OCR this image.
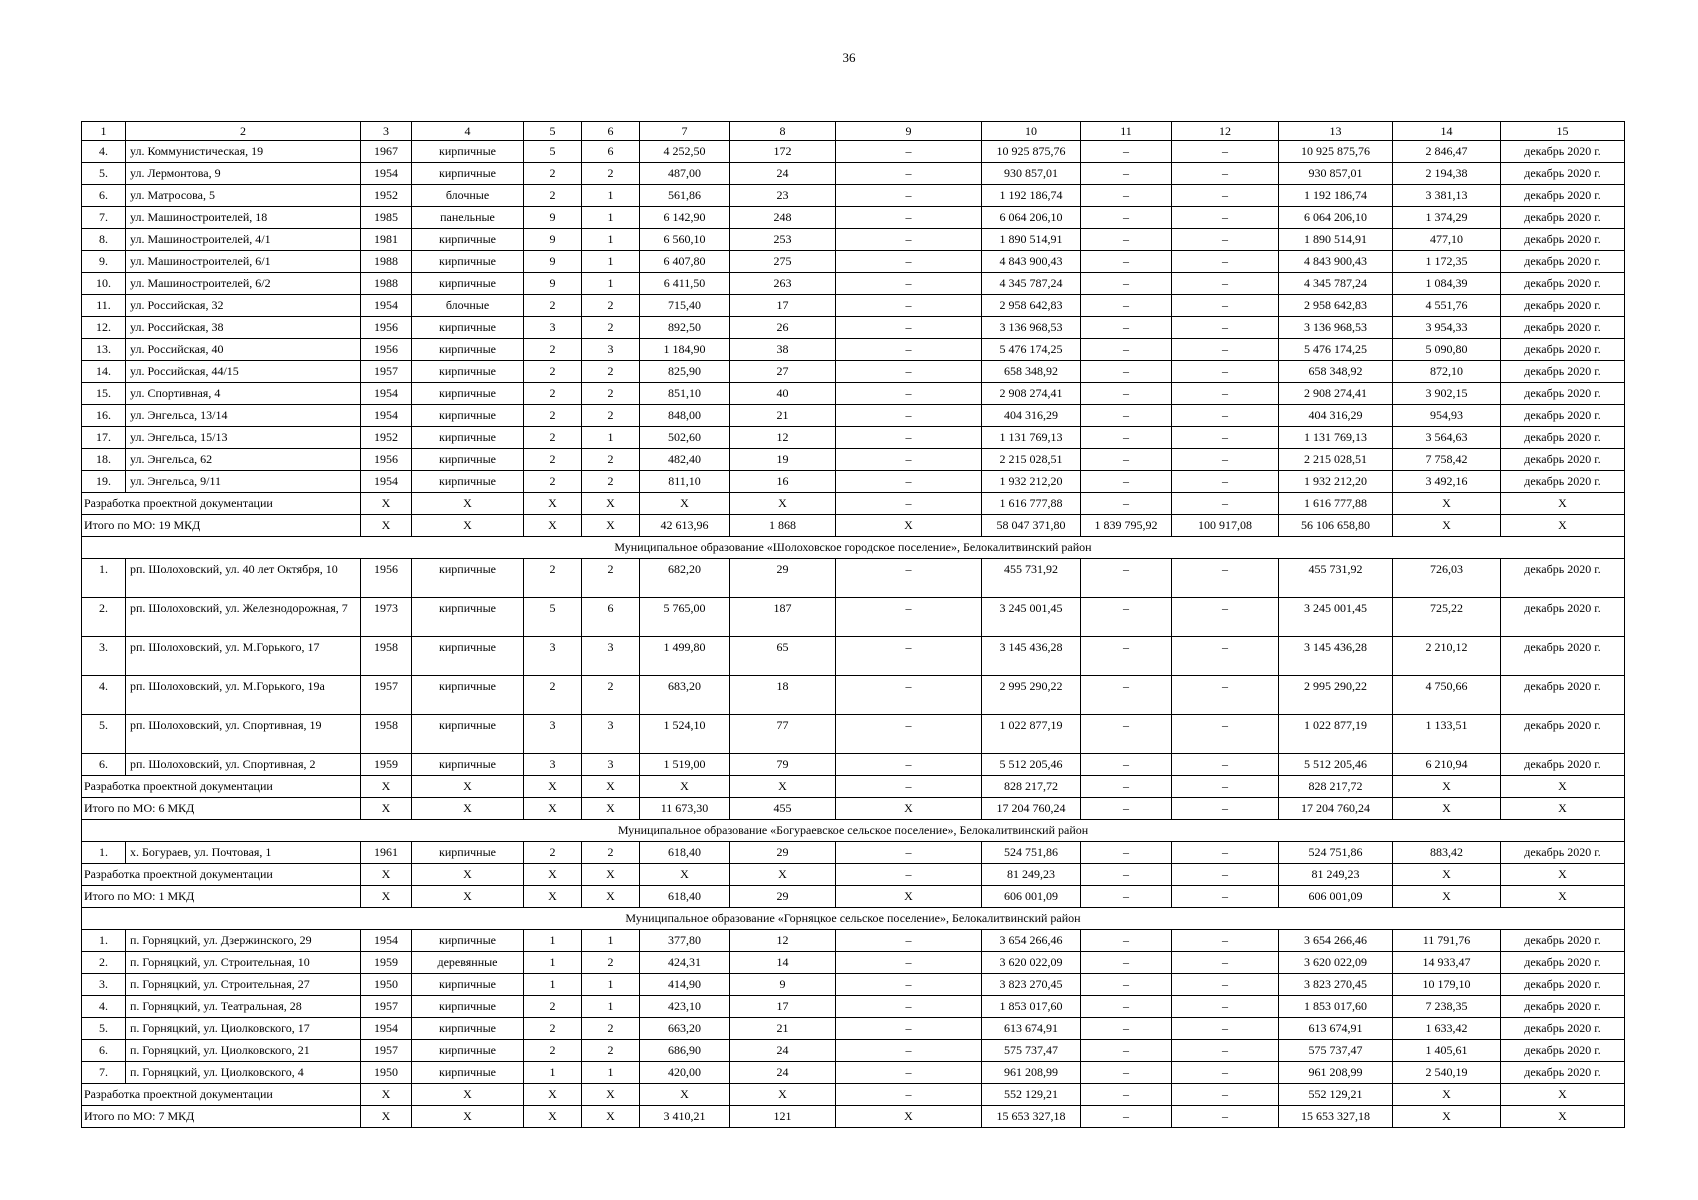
36
1	2	3	4	5	6	7	8	9	10	11	12	13	14	15
4.	ул. Коммунистическая, 19	1967	кирпичные	5	6	4 252,50	172	–	10 925 875,76	–	–	10 925 875,76	2 846,47	декабрь 2020 г.
5.	ул. Лермонтова, 9	1954	кирпичные	2	2	487,00	24	–	930 857,01	–	–	930 857,01	2 194,38	декабрь 2020 г.
6.	ул. Матросова, 5	1952	блочные	2	1	561,86	23	–	1 192 186,74	–	–	1 192 186,74	3 381,13	декабрь 2020 г.
7.	ул. Машиностроителей, 18	1985	панельные	9	1	6 142,90	248	–	6 064 206,10	–	–	6 064 206,10	1 374,29	декабрь 2020 г.
8.	ул. Машиностроителей, 4/1	1981	кирпичные	9	1	6 560,10	253	–	1 890 514,91	–	–	1 890 514,91	477,10	декабрь 2020 г.
9.	ул. Машиностроителей, 6/1	1988	кирпичные	9	1	6 407,80	275	–	4 843 900,43	–	–	4 843 900,43	1 172,35	декабрь 2020 г.
10.	ул. Машиностроителей, 6/2	1988	кирпичные	9	1	6 411,50	263	–	4 345 787,24	–	–	4 345 787,24	1 084,39	декабрь 2020 г.
11.	ул. Российская, 32	1954	блочные	2	2	715,40	17	–	2 958 642,83	–	–	2 958 642,83	4 551,76	декабрь 2020 г.
12.	ул. Российская, 38	1956	кирпичные	3	2	892,50	26	–	3 136 968,53	–	–	3 136 968,53	3 954,33	декабрь 2020 г.
13.	ул. Российская, 40	1956	кирпичные	2	3	1 184,90	38	–	5 476 174,25	–	–	5 476 174,25	5 090,80	декабрь 2020 г.
14.	ул. Российская, 44/15	1957	кирпичные	2	2	825,90	27	–	658 348,92	–	–	658 348,92	872,10	декабрь 2020 г.
15.	ул. Спортивная, 4	1954	кирпичные	2	2	851,10	40	–	2 908 274,41	–	–	2 908 274,41	3 902,15	декабрь 2020 г.
16.	ул. Энгельса, 13/14	1954	кирпичные	2	2	848,00	21	–	404 316,29	–	–	404 316,29	954,93	декабрь 2020 г.
17.	ул. Энгельса, 15/13	1952	кирпичные	2	1	502,60	12	–	1 131 769,13	–	–	1 131 769,13	3 564,63	декабрь 2020 г.
18.	ул. Энгельса, 62	1956	кирпичные	2	2	482,40	19	–	2 215 028,51	–	–	2 215 028,51	7 758,42	декабрь 2020 г.
19.	ул. Энгельса, 9/11	1954	кирпичные	2	2	811,10	16	–	1 932 212,20	–	–	1 932 212,20	3 492,16	декабрь 2020 г.
Разработка проектной документации		X	X	X	X	X	X	–	1 616 777,88	–	–	1 616 777,88	X	X
Итого по МО: 19 МКД		X	X	X	X	42 613,96	1 868	X	58 047 371,80	1 839 795,92	100 917,08	56 106 658,80	X	X
Муниципальное образование «Шолоховское городское поселение», Белокалитвинский район														
1.	рп. Шолоховский, ул. 40 лет Октября, 10	1956	кирпичные	2	2	682,20	29	–	455 731,92	–	–	455 731,92	726,03	декабрь 2020 г.
2.	рп. Шолоховский, ул. Железнодорожная, 7	1973	кирпичные	5	6	5 765,00	187	–	3 245 001,45	–	–	3 245 001,45	725,22	декабрь 2020 г.
3.	рп. Шолоховский, ул. М.Горького, 17	1958	кирпичные	3	3	1 499,80	65	–	3 145 436,28	–	–	3 145 436,28	2 210,12	декабрь 2020 г.
4.	рп. Шолоховский, ул. М.Горького, 19а	1957	кирпичные	2	2	683,20	18	–	2 995 290,22	–	–	2 995 290,22	4 750,66	декабрь 2020 г.
5.	рп. Шолоховский, ул. Спортивная, 19	1958	кирпичные	3	3	1 524,10	77	–	1 022 877,19	–	–	1 022 877,19	1 133,51	декабрь 2020 г.
6.	рп. Шолоховский, ул. Спортивная, 2	1959	кирпичные	3	3	1 519,00	79	–	5 512 205,46	–	–	5 512 205,46	6 210,94	декабрь 2020 г.
Разработка проектной документации		X	X	X	X	X	X	–	828 217,72	–	–	828 217,72	X	X
Итого по МО: 6 МКД		X	X	X	X	11 673,30	455	X	17 204 760,24	–	–	17 204 760,24	X	X
Муниципальное образование «Богураевское сельское поселение», Белокалитвинский район														
1.	х. Богураев, ул. Почтовая, 1	1961	кирпичные	2	2	618,40	29	–	524 751,86	–	–	524 751,86	883,42	декабрь 2020 г.
Разработка проектной документации		X	X	X	X	X	X	–	81 249,23	–	–	81 249,23	X	X
Итого по МО: 1 МКД		X	X	X	X	618,40	29	X	606 001,09	–	–	606 001,09	X	X
Муниципальное образование «Горняцкое сельское поселение», Белокалитвинский район														
1.	п. Горняцкий, ул. Дзержинского, 29	1954	кирпичные	1	1	377,80	12	–	3 654 266,46	–	–	3 654 266,46	11 791,76	декабрь 2020 г.
2.	п. Горняцкий, ул. Строительная, 10	1959	деревянные	1	2	424,31	14	–	3 620 022,09	–	–	3 620 022,09	14 933,47	декабрь 2020 г.
3.	п. Горняцкий, ул. Строительная, 27	1950	кирпичные	1	1	414,90	9	–	3 823 270,45	–	–	3 823 270,45	10 179,10	декабрь 2020 г.
4.	п. Горняцкий, ул. Театральная, 28	1957	кирпичные	2	1	423,10	17	–	1 853 017,60	–	–	1 853 017,60	7 238,35	декабрь 2020 г.
5.	п. Горняцкий, ул. Циолковского, 17	1954	кирпичные	2	2	663,20	21	–	613 674,91	–	–	613 674,91	1 633,42	декабрь 2020 г.
6.	п. Горняцкий, ул. Циолковского, 21	1957	кирпичные	2	2	686,90	24	–	575 737,47	–	–	575 737,47	1 405,61	декабрь 2020 г.
7.	п. Горняцкий, ул. Циолковского, 4	1950	кирпичные	1	1	420,00	24	–	961 208,99	–	–	961 208,99	2 540,19	декабрь 2020 г.
Разработка проектной документации		X	X	X	X	X	X	–	552 129,21	–	–	552 129,21	X	X
Итого по МО: 7 МКД		X	X	X	X	3 410,21	121	X	15 653 327,18	–	–	15 653 327,18	X	X
